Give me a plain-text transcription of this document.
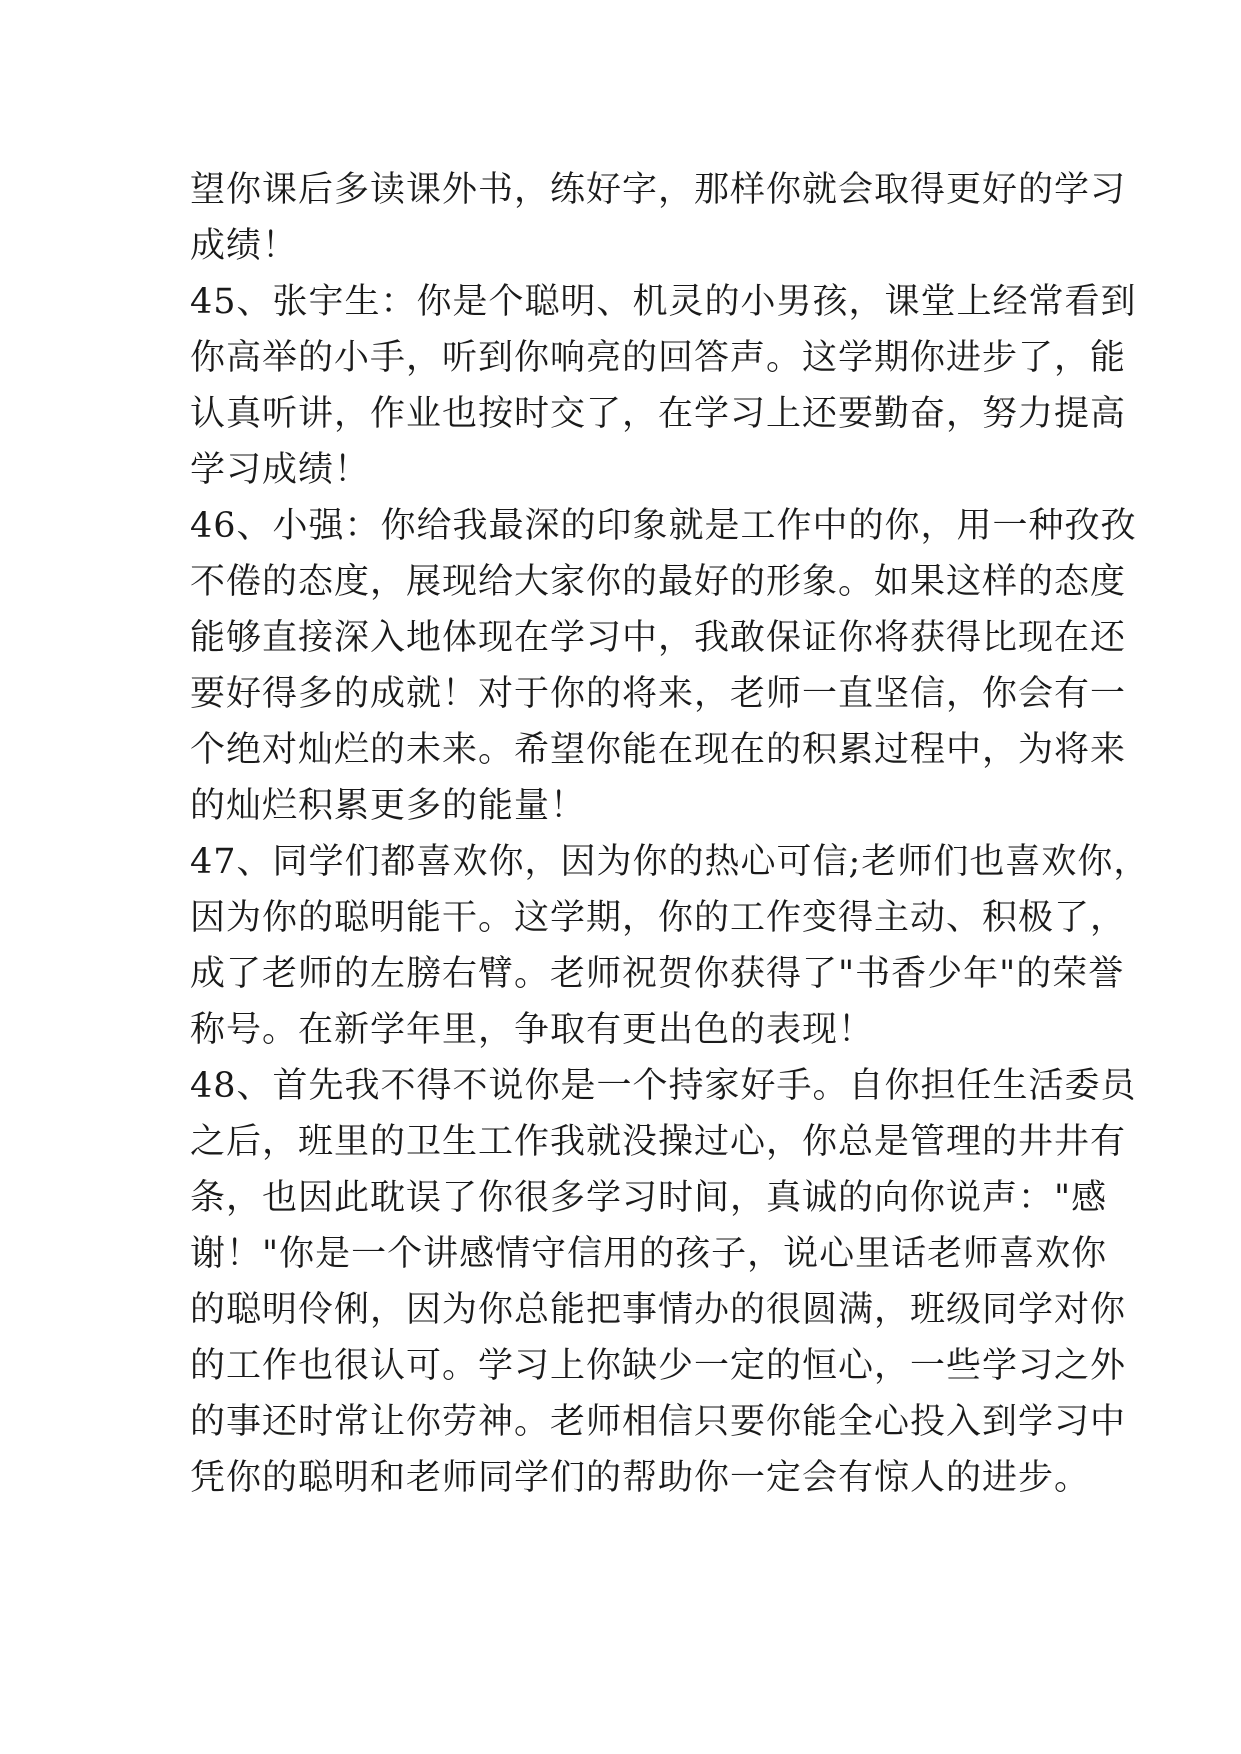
望你课后多读课外书，练好字，那样你就会取得更好的学习
成绩！
45、张宇生：你是个聪明、机灵的小男孩，课堂上经常看到
你高举的小手，听到你响亮的回答声。这学期你进步了，能
认真听讲，作业也按时交了，在学习上还要勤奋，努力提高
学习成绩！
46、小强：你给我最深的印象就是工作中的你，用一种孜孜
不倦的态度，展现给大家你的最好的形象。如果这样的态度
能够直接深入地体现在学习中，我敢保证你将获得比现在还
要好得多的成就！对于你的将来，老师一直坚信，你会有一
个绝对灿烂的未来。希望你能在现在的积累过程中，为将来
的灿烂积累更多的能量！
47、同学们都喜欢你，因为你的热心可信;老师们也喜欢你，
因为你的聪明能干。这学期，你的工作变得主动、积极了，
成了老师的左膀右臂。老师祝贺你获得了"书香少年"的荣誉
称号。在新学年里，争取有更出色的表现！
48、首先我不得不说你是一个持家好手。自你担任生活委员
之后，班里的卫生工作我就没操过心，你总是管理的井井有
条，也因此耽误了你很多学习时间，真诚的向你说声："感
谢！"你是一个讲感情守信用的孩子，说心里话老师喜欢你
的聪明伶俐，因为你总能把事情办的很圆满，班级同学对你
的工作也很认可。学习上你缺少一定的恒心，一些学习之外
的事还时常让你劳神。老师相信只要你能全心投入到学习中
凭你的聪明和老师同学们的帮助你一定会有惊人的进步。
